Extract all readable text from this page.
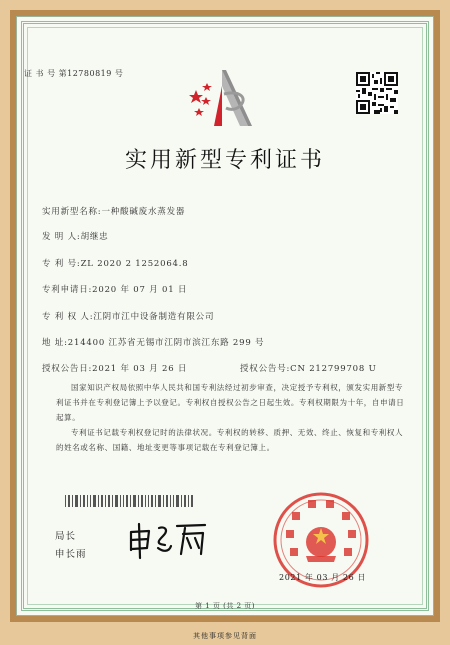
证 书 号 第12780819 号
实用新型专利证书
实用新型名称:一种酸碱废水蒸发器
发 明 人:胡继忠
专 利 号:ZL 2020 2 1252064.8
专利申请日:2020 年 07 月 01 日
专 利 权 人:江阴市江中设备制造有限公司
地 址:214400 江苏省无锡市江阴市滨江东路 299 号
授权公告日:2021 年 03 月 26 日	授权公告号:CN 212799708 U
国家知识产权局依照中华人民共和国专利法经过初步审查，决定授予专利权，颁发实用新型专利证书并在专利登记簿上予以登记。专利权自授权公告之日起生效。专利权期限为十年，自申请日起算。
专利证书记载专利权登记时的法律状况。专利权的转移、质押、无效、终止、恢复和专利权人的姓名或名称、国籍、地址变更等事项记载在专利登记簿上。
局长
申长雨
2021 年 03 月 26 日
第 1 页 (共 2 页)
其他事项参见背面
